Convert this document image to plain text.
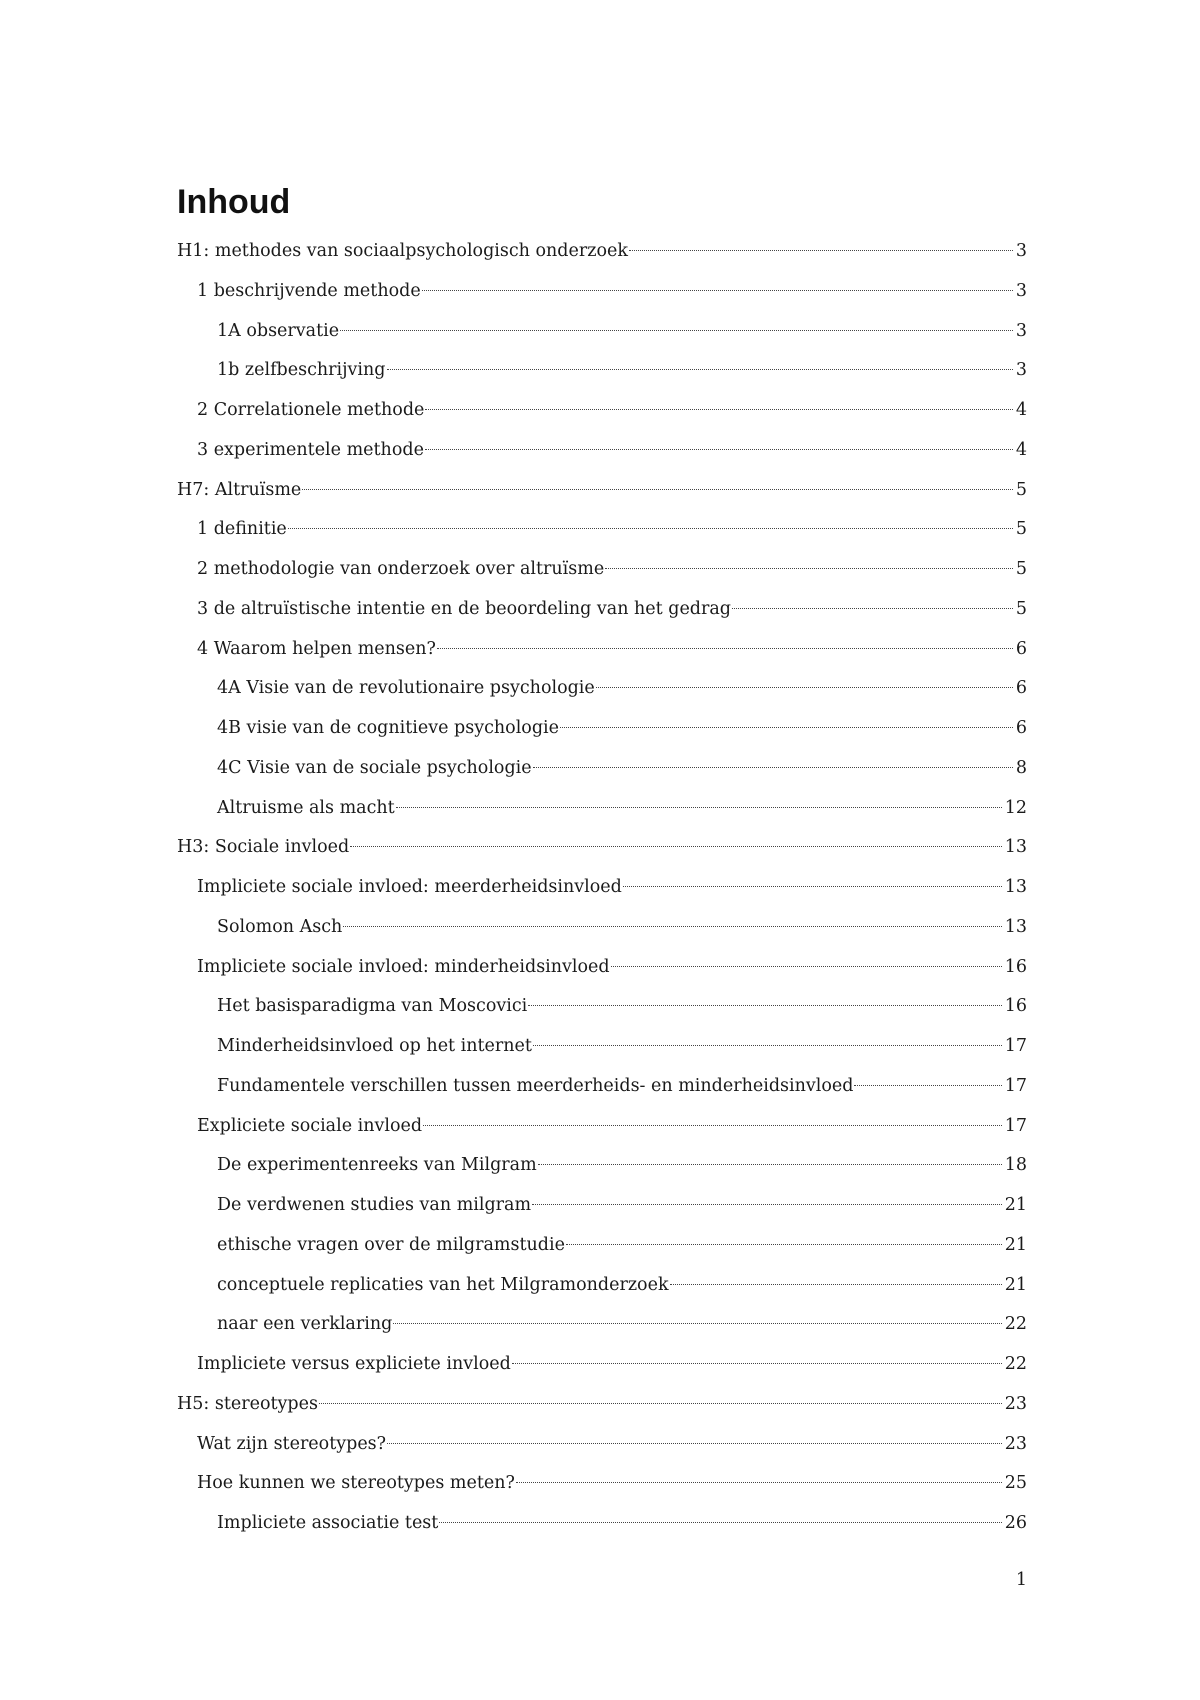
Inhoud
H1: methodes van sociaalpsychologisch onderzoek	3
1 beschrijvende methode	3
1A observatie	3
1b zelfbeschrijving	3
2 Correlationele methode	4
3 experimentele methode	4
H7: Altruïsme	5
1 definitie	5
2 methodologie van onderzoek over altruïsme	5
3 de altruïstische intentie en de beoordeling van het gedrag	5
4 Waarom helpen mensen?	6
4A Visie van de revolutionaire psychologie	6
4B visie van de cognitieve psychologie	6
4C Visie van de sociale psychologie	8
Altruisme als macht	12
H3: Sociale invloed	13
Impliciete sociale invloed: meerderheidsinvloed	13
Solomon Asch	13
Impliciete sociale invloed: minderheidsinvloed	16
Het basisparadigma van Moscovici	16
Minderheidsinvloed op het internet	17
Fundamentele verschillen tussen meerderheids- en minderheidsinvloed	17
Expliciete sociale invloed	17
De experimentenreeks van Milgram	18
De verdwenen studies van milgram	21
ethische vragen over de milgramstudie	21
conceptuele replicaties van het Milgramonderzoek	21
naar een verklaring	22
Impliciete versus expliciete invloed	22
H5: stereotypes	23
Wat zijn stereotypes?	23
Hoe kunnen we stereotypes meten?	25
Impliciete associatie test	26
1
